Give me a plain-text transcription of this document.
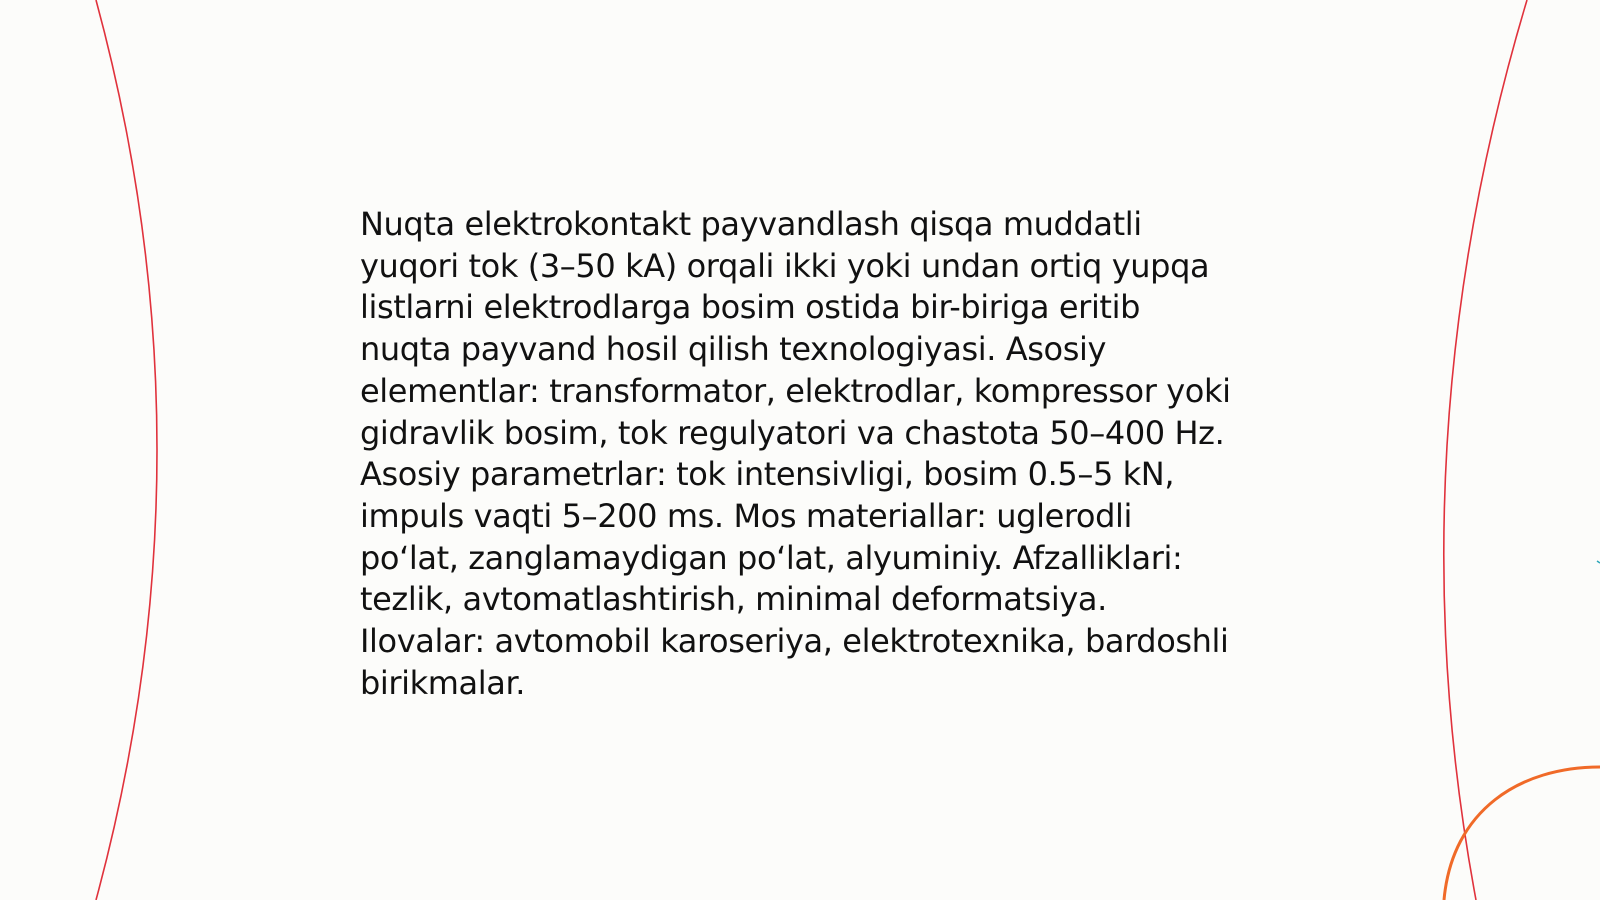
Nuqta elektrokontakt payvandlash qisqa muddatli yuqori tok (3–50 kA) orqali ikki yoki undan ortiq yupqa listlarni elektrodlarga bosim ostida bir-biriga eritib nuqta payvand hosil qilish texnologiyasi. Asosiy elementlar: transformator, elektrodlar, kompressor yoki gidravlik bosim, tok regulyatori va chastota 50–400 Hz. Asosiy parametrlar: tok intensivligi, bosim 0.5–5 kN, impuls vaqti 5–200 ms. Mos materiallar: uglerodli po‘lat, zanglamaydigan po‘lat, alyuminiy. Afzalliklari: tezlik, avtomatlashtirish, minimal deformatsiya. Ilovalar: avtomobil karoseriya, elektrotexnika, bardoshli birikmalar.
